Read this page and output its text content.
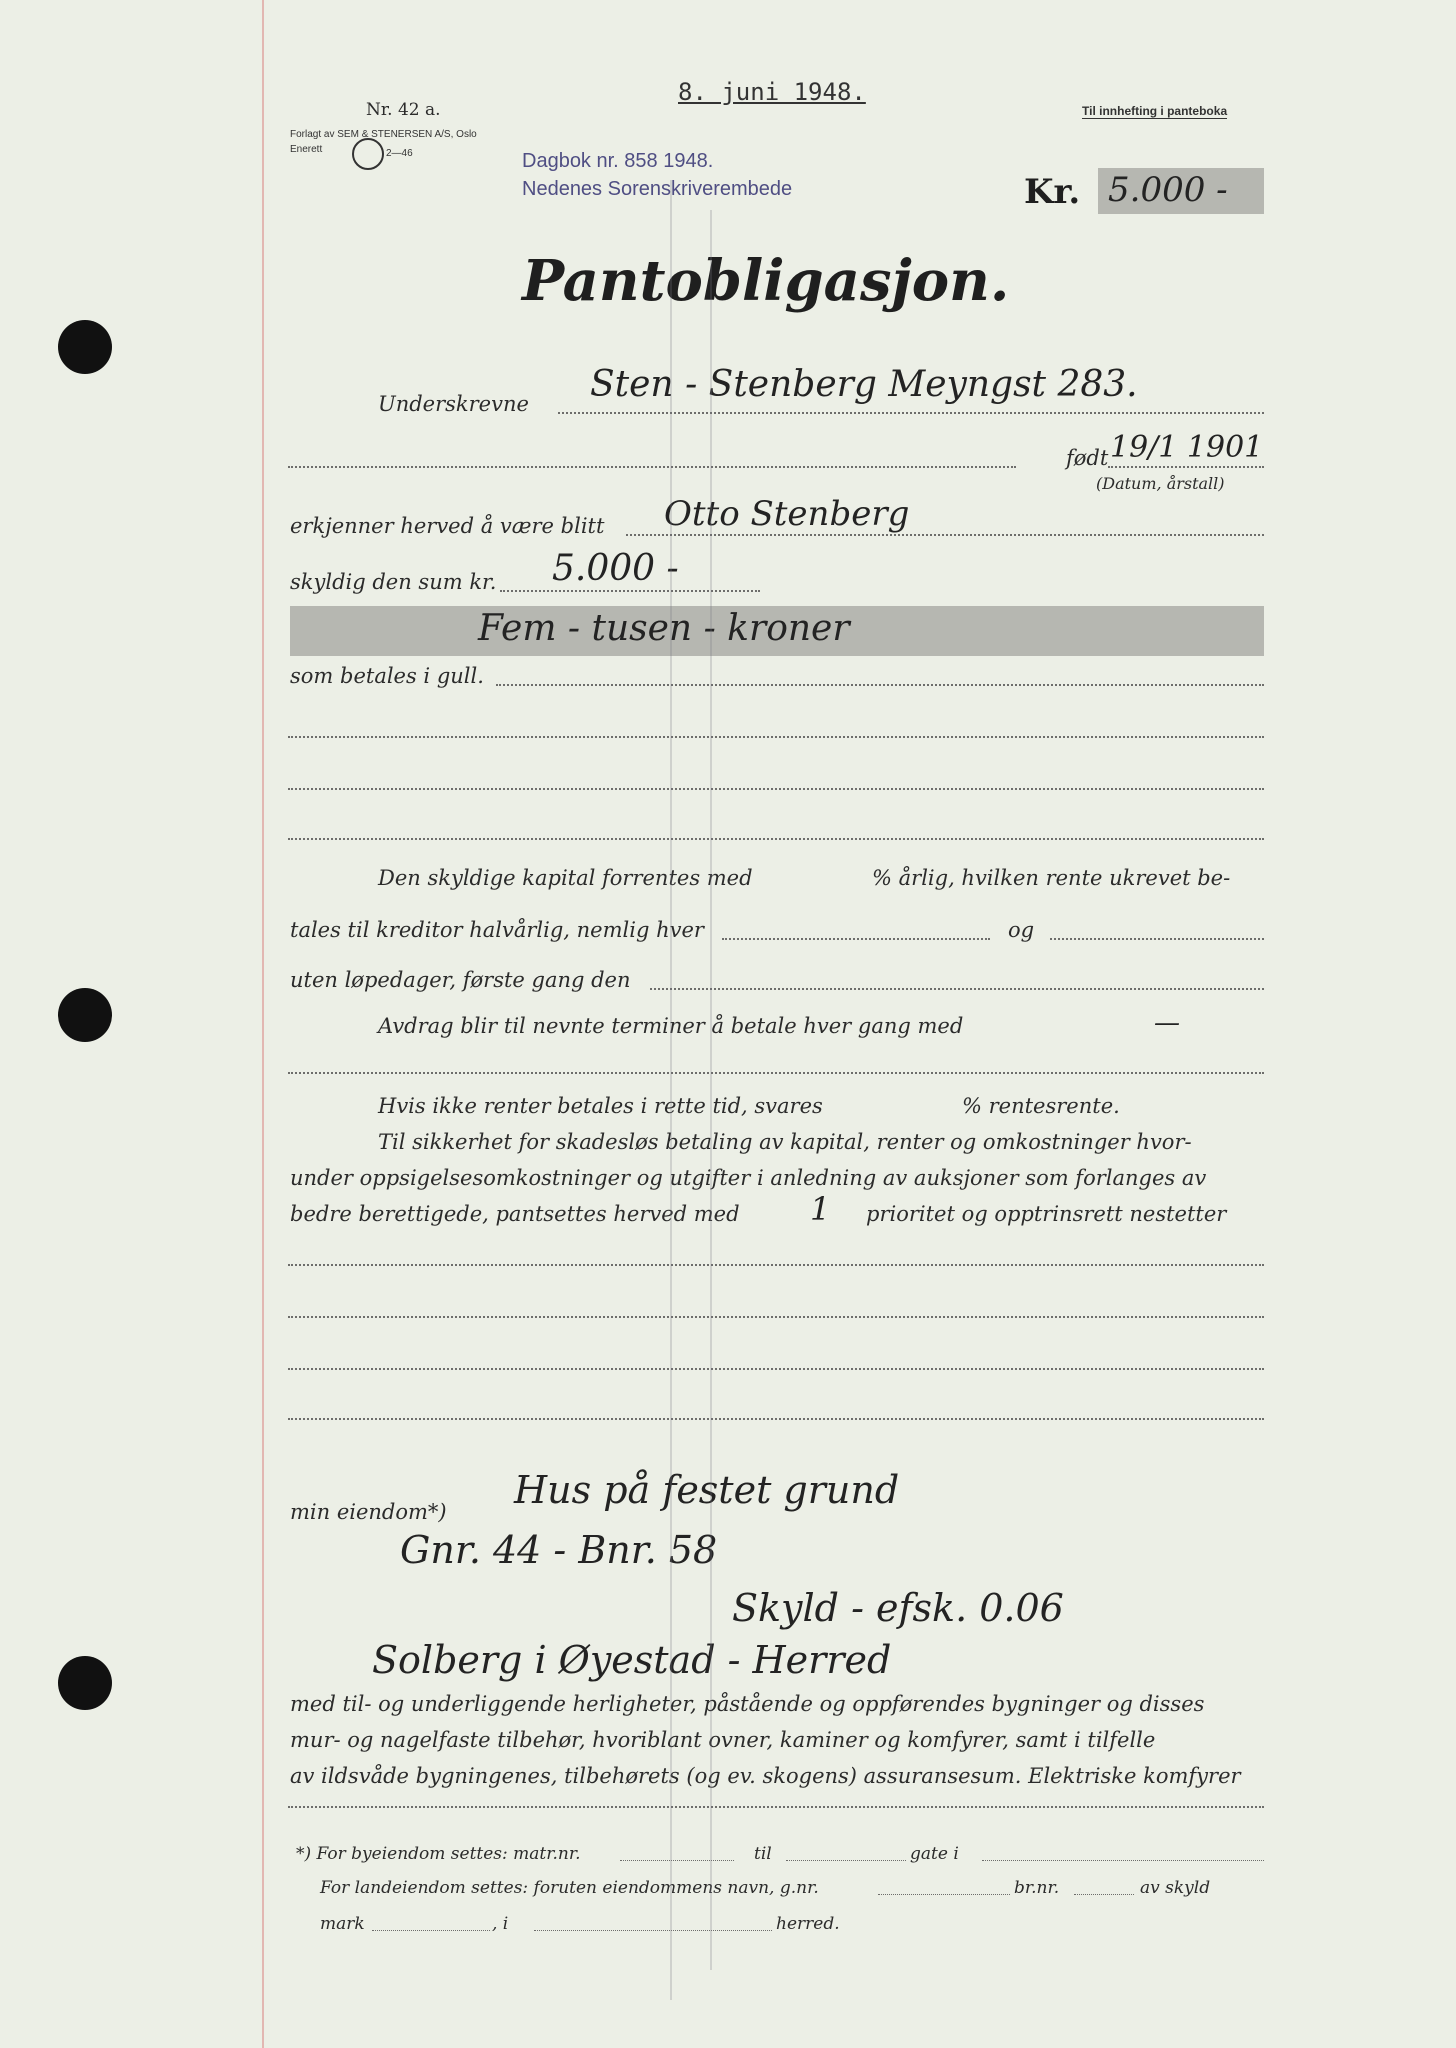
Nr. 42 a.
Forlagt av SEM & STENERSEN A/S, Oslo
Enerett	2—46
8. juni 1948.
Til innhefting i panteboka
Dagbok nr. 858 1948.
Nedenes Sorenskriverembede	Kr. 5.000 -
Pantobligasjon.
Underskrevne Sten - Stenberg Meyngst 283.
født 19/1 1901
(Datum, årstall)
erkjenner herved å være blitt Otto Stenberg
skyldig den sum kr. 5.000 -
Fem - tusen - kroner
som betales i gull.
Den skyldige kapital forrentes med	% årlig, hvilken rente ukrevet be-
tales til kreditor halvårlig, nemlig hver	og
uten løpedager, første gang den
Avdrag blir til nevnte terminer å betale hver gang med	—
Hvis ikke renter betales i rette tid, svares	% rentesrente.
Til sikkerhet for skadesløs betaling av kapital, renter og omkostninger hvor-
under oppsigelsesomkostninger og utgifter i anledning av auksjoner som forlanges av
bedre berettigede, pantsettes herved med 1 prioritet og opptrinsrett nestetter
min eiendom*) Hus på festet grund
Gnr. 44 - Bnr. 58
Skyld - efsk. 0.06
Solberg i Øyestad - Herred
med til- og underliggende herligheter, påstående og oppførendes bygninger og disses
mur- og nagelfaste tilbehør, hvoriblant ovner, kaminer og komfyrer, samt i tilfelle
av ildsvåde bygningenes, tilbehørets (og ev. skogens) assuransesum. Elektriske komfyrer
*) For byeiendom settes: matr.nr.	til	gate i
For landeiendom settes: foruten eiendommens navn, g.nr.	br.nr.	av skyld
mark	, i	herred.
